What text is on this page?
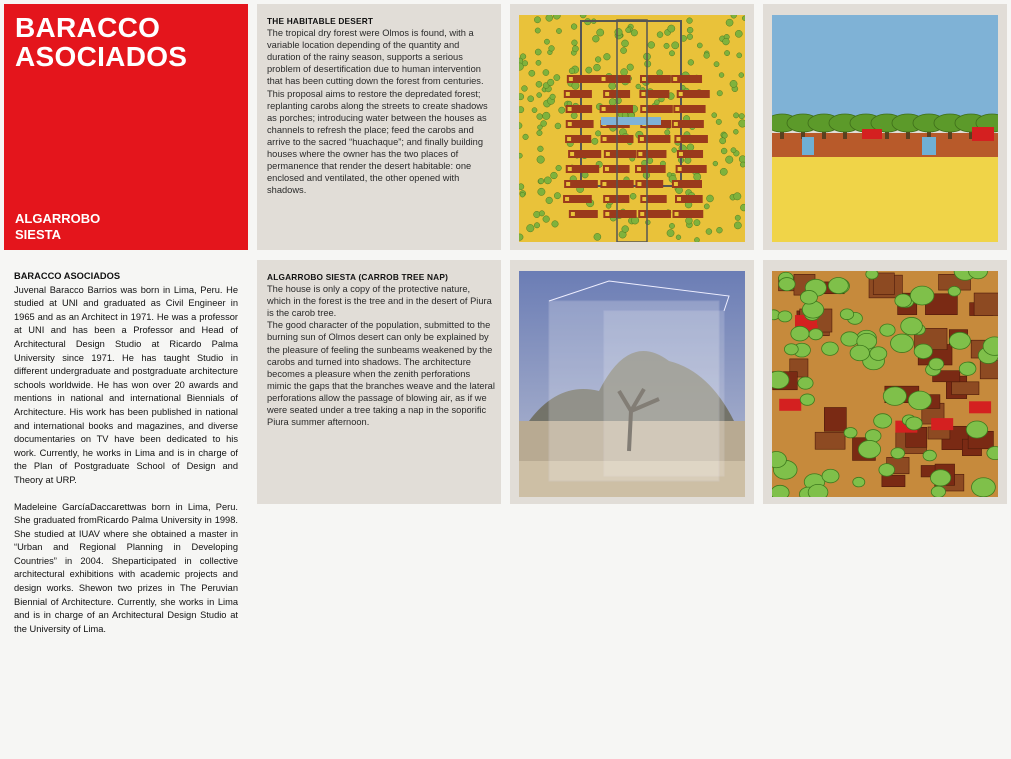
BARACCO
ASOCIADOS
ALGARROBO
SIESTA
BARACCO ASOCIADOS

Juvenal Baracco Barrios was born in Lima, Peru. He studied at UNI and graduated as Civil Engineer in 1965 and as an Architect in 1971. He was a professor at UNI and has been a Professor and Head of Architectural Design Studio at Ricardo Palma University since 1971. He has taught Studio in different undergraduate and postgraduate architecture schools worldwide. He has won over 20 awards and mentions in national and international Biennials of Architecture. His work has been published in national and international books and magazines, and diverse documentaries on TV have been dedicated to his work. Currently, he works in Lima and is in charge of the Plan of Postgraduate School of Design and Theory at URP.

Madeleine GarcíaDaccarettwas born in Lima, Peru. She graduated fromRicardo Palma University in 1998. She studied at IUAV where she obtained a master in “Urban and Regional Planning in Developing Countries” in 2004. Sheparticipated in collective architectural exhibitions with academic projects and design works. Shewon two prizes in The Peruvian Biennial of Architecture. Currently, she works in Lima and is in charge of an Architectural Design Studio at the University of Lima.

THE HABITABLE DESERT

The tropical dry forest were Olmos is found, with a variable location depending of the quantity and duration of the rainy season, supports a serious problem of desertification due to human intervention that has been cutting down the forest from centuries.

This proposal aims to restore the depredated forest; replanting carobs along the streets to create shadows as porches; introducing water between the houses as channels to refresh the place; feed the carobs and arrive to the sacred “huachaque”; and finally building houses where the owner has the two places of permanence that render the desert habitable: one enclosed and ventilated, the other opened with shadows.

ALGARROBO SIESTA (CARROB TREE NAP)

The house is only a copy of the protective nature, which in the forest is the tree and in the desert of Piura is the carob tree.

The good character of the population, submitted to the burning sun of Olmos desert can only be explained by the pleasure of feeling the sunbeams weakened by the carobs and turned into shadows. The architecture becomes a pleasure when the zenith perforations mimic the gaps that the branches weave and the lateral perforations allow the passage of blowing air, as if we were seated under a tree taking a nap in the soporific Piura summer afternoon.
